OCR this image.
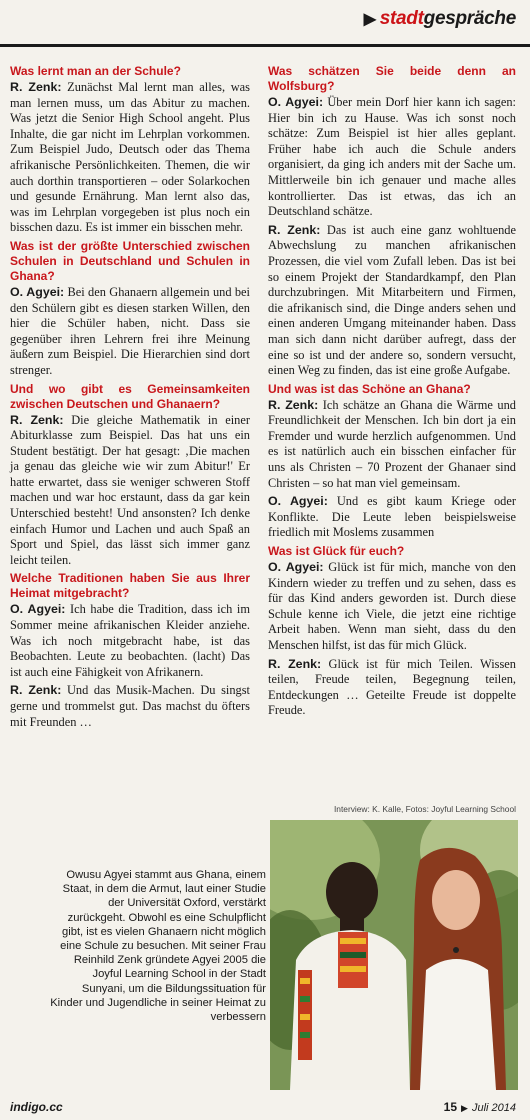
▶ stadtgespräche

Was lernt man an der Schule?

R. Zenk: Zunächst Mal lernt man alles, was man lernen muss, um das Abitur zu machen. Was jetzt die Senior High School angeht. Plus Inhalte, die gar nicht im Lehrplan vorkommen. Zum Beispiel Judo, Deutsch oder das Thema afrikanische Persönlichkeiten. Themen, die wir auch dorthin transportieren – oder Solarkochen und gesunde Ernährung. Man lernt also das, was im Lehrplan vorgegeben ist plus noch ein bisschen dazu. Es ist immer ein bisschen mehr.

Was ist der größte Unterschied zwischen Schulen in Deutschland und Schulen in Ghana?

O. Agyei: Bei den Ghanaern allgemein und bei den Schülern gibt es diesen starken Willen, den hier die Schüler haben, nicht. Dass sie gegenüber ihren Lehrern frei ihre Meinung äußern zum Beispiel. Die Hierarchien sind dort strenger.

Und wo gibt es Gemeinsamkeiten zwischen Deutschen und Ghanaern?

R. Zenk: Die gleiche Mathematik in einer Abiturklasse zum Beispiel. Das hat uns ein Student bestätigt. Der hat gesagt: ‚Die machen ja genau das gleiche wie wir zum Abitur!' Er hatte erwartet, dass sie weniger schweren Stoff machen und war hoc erstaunt, dass da gar kein Unterschied besteht! Und ansonsten? Ich denke einfach Humor und Lachen und auch Spaß an Sport und Spiel, das lässt sich immer ganz leicht teilen.

Welche Traditionen haben Sie aus Ihrer Heimat mitgebracht?

O. Agyei: Ich habe die Tradition, dass ich im Sommer meine afrikanischen Kleider anziehe. Was ich noch mitgebracht habe, ist das Beobachten. Leute zu beobachten. (lacht) Das ist auch eine Fähigkeit von Afrikanern.

R. Zenk: Und das Musik-Machen. Du singst gerne und trommelst gut. Das machst du öfters mit Freunden …

Was schätzen Sie beide denn an Wolfsburg?

O. Agyei: Über mein Dorf hier kann ich sagen: Hier bin ich zu Hause. Was ich sonst noch schätze: Zum Beispiel ist hier alles geplant. Früher habe ich auch die Schule anders organisiert, da ging ich anders mit der Sache um. Mittlerweile bin ich genauer und mache alles kontrollierter. Das ist etwas, das ich an Deutschland schätze.

R. Zenk: Das ist auch eine ganz wohltuende Abwechslung zu manchen afrikanischen Prozessen, die viel vom Zufall leben. Das ist bei so einem Projekt der Standardkampf, den Plan durchzubringen. Mit Mitarbeitern und Firmen, die afrikanisch sind, die Dinge anders sehen und einen anderen Umgang miteinander haben. Dass man sich dann nicht darüber aufregt, dass der eine so ist und der andere so, sondern versucht, einen Weg zu finden, das ist eine große Aufgabe.

Und was ist das Schöne an Ghana?

R. Zenk: Ich schätze an Ghana die Wärme und Freundlichkeit der Menschen. Ich bin dort ja ein Fremder und wurde herzlich aufgenommen. Und es ist natürlich auch ein bisschen einfacher für uns als Christen – 70 Prozent der Ghanaer sind Christen – so hat man viel gemeinsam.

O. Agyei: Und es gibt kaum Kriege oder Konflikte. Die Leute leben beispielsweise friedlich mit Moslems zusammen

Was ist Glück für euch?

O. Agyei: Glück ist für mich, manche von den Kindern wieder zu treffen und zu sehen, dass es für das Kind anders geworden ist. Durch diese Schule kenne ich Viele, die jetzt eine richtige Arbeit haben. Wenn man sieht, dass du den Menschen hilfst, ist das für mich Glück.

R. Zenk: Glück ist für mich Teilen. Wissen teilen, Freude teilen, Begegnung teilen, Entdeckungen … Geteilte Freude ist doppelte Freude.

Interview: K. Kalle, Fotos: Joyful Learning School
Owusu Agyei stammt aus Ghana, einem Staat, in dem die Armut, laut einer Studie der Universität Oxford, verstärkt zurückgeht. Obwohl es eine Schulpflicht gibt, ist es vielen Ghanaern nicht möglich eine Schule zu besuchen. Mit seiner Frau Reinhild Zenk gründete Agyei 2005 die Joyful Learning School in der Stadt Sunyani, um die Bildungssituation für Kinder und Jugendliche in seiner Heimat zu verbessern
indigo.cc	15 ▶ Juli 2014
